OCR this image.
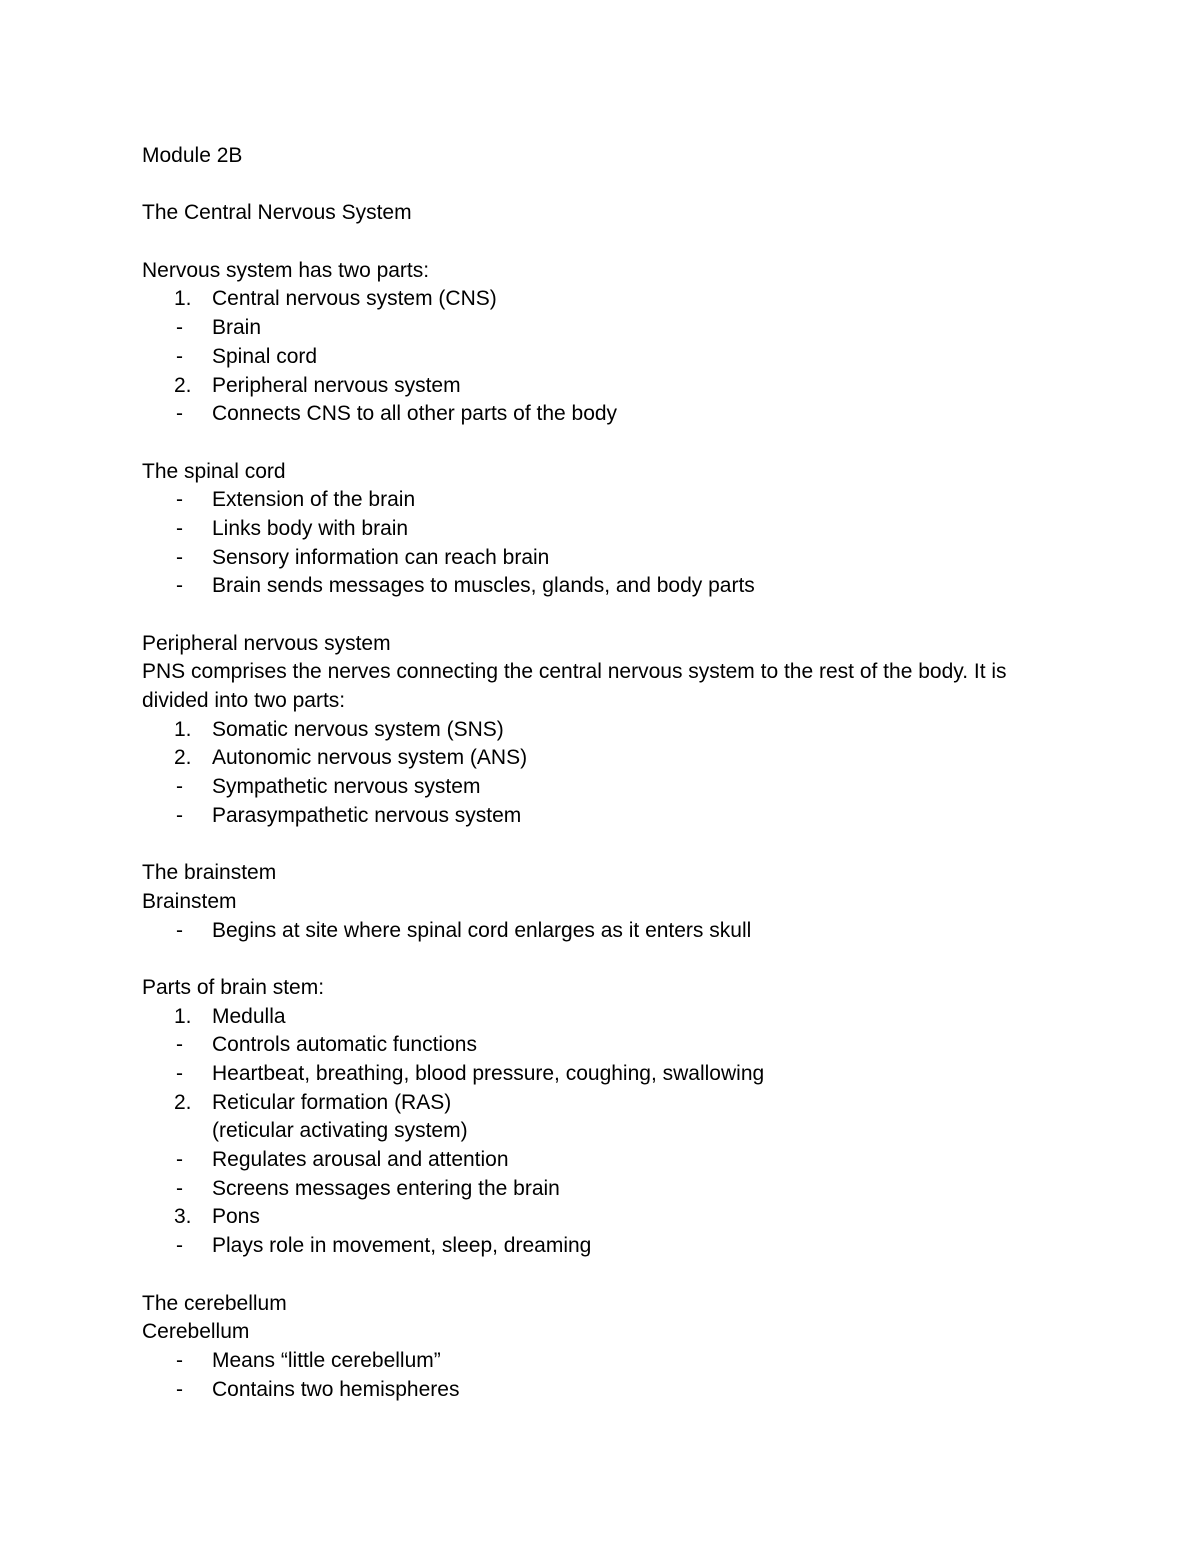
Module 2B
The Central Nervous System
Nervous system has two parts:
1. Central nervous system (CNS)
- Brain
- Spinal cord
2. Peripheral nervous system
- Connects CNS to all other parts of the body
The spinal cord
- Extension of the brain
- Links body with brain
- Sensory information can reach brain
- Brain sends messages to muscles, glands, and body parts
Peripheral nervous system
PNS comprises the nerves connecting the central nervous system to the rest of the body. It is divided into two parts:
1. Somatic nervous system (SNS)
2. Autonomic nervous system (ANS)
- Sympathetic nervous system
- Parasympathetic nervous system
The brainstem
Brainstem
- Begins at site where spinal cord enlarges as it enters skull
Parts of brain stem:
1. Medulla
- Controls automatic functions
- Heartbeat, breathing, blood pressure, coughing, swallowing
2. Reticular formation (RAS)
(reticular activating system)
- Regulates arousal and attention
- Screens messages entering the brain
3. Pons
- Plays role in movement, sleep, dreaming
The cerebellum
Cerebellum
- Means “little cerebellum”
- Contains two hemispheres
